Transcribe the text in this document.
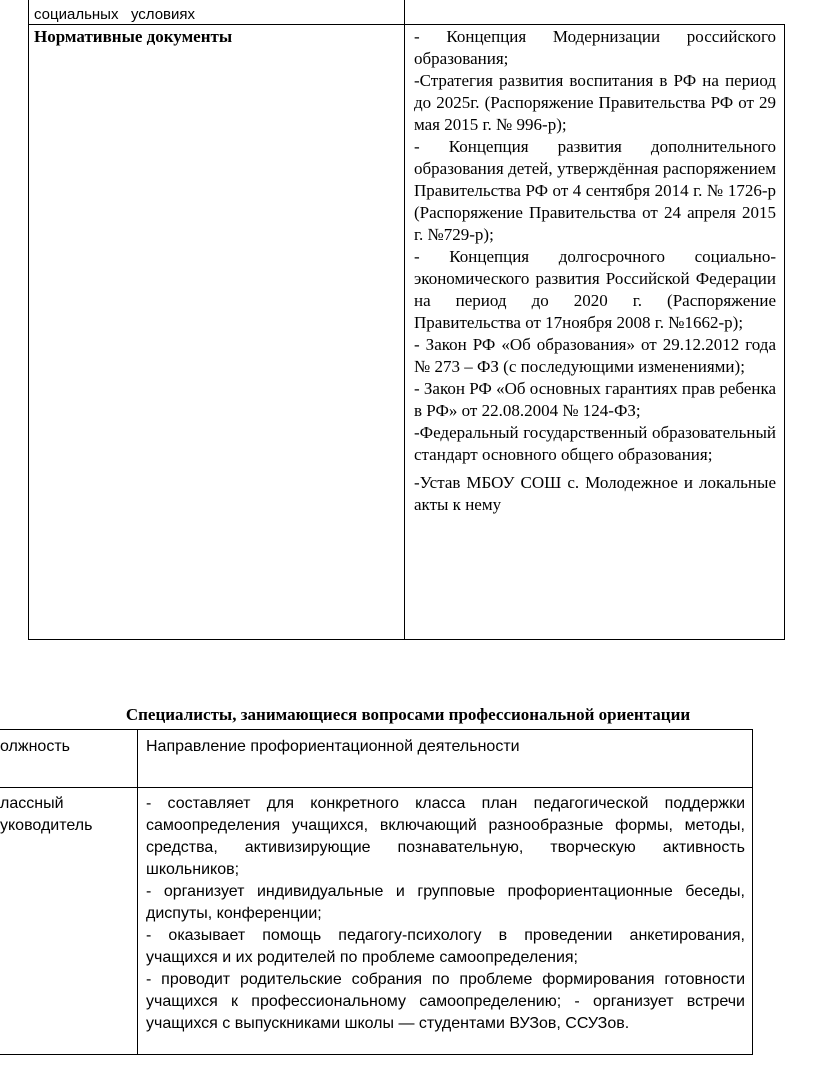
социальных   условиях
Нормативные документы	- Концепция Модернизации российского образования;
-Стратегия развития воспитания в РФ на период до 2025г. (Распоряжение Правительства РФ от 29 мая 2015 г. № 996-р);
- Концепция развития дополнительного образования детей, утверждённая распоряжением Правительства РФ от 4 сентября 2014 г. № 1726-р (Распоряжение Правительства от 24 апреля 2015 г. №729-р);
- Концепция долгосрочного социально-экономического развития Российской Федерации на период до 2020 г. (Распоряжение Правительства от 17ноября 2008 г. №1662-р);
- Закон РФ «Об образования» от 29.12.2012 года № 273 – ФЗ (с последующими изменениями);
- Закон РФ «Об основных гарантиях прав ребенка в РФ» от 22.08.2004 № 124-ФЗ;
-Федеральный государственный образовательный стандарт основного общего образования;
-Устав МБОУ СОШ с. Молодежное и локальные акты к нему
Специалисты, занимающиеся вопросами профессиональной ориентации
олжность	Направление профориентационной деятельности
лассный
уководитель
- составляет для конкретного класса план педагогической поддержки самоопределения учащихся, включающий разнообразные формы, методы, средства, активизирующие познавательную, творческую активность школьников;
- организует индивидуальные и групповые профориентационные беседы, диспуты, конференции;
- оказывает помощь педагогу-психологу в проведении анкетирования, учащихся и их родителей по проблеме самоопределения;
- проводит родительские собрания по проблеме формирования готовности учащихся к профессиональному самоопределению; - организует встречи учащихся с выпускниками школы — студентами ВУЗов, ССУЗов.
